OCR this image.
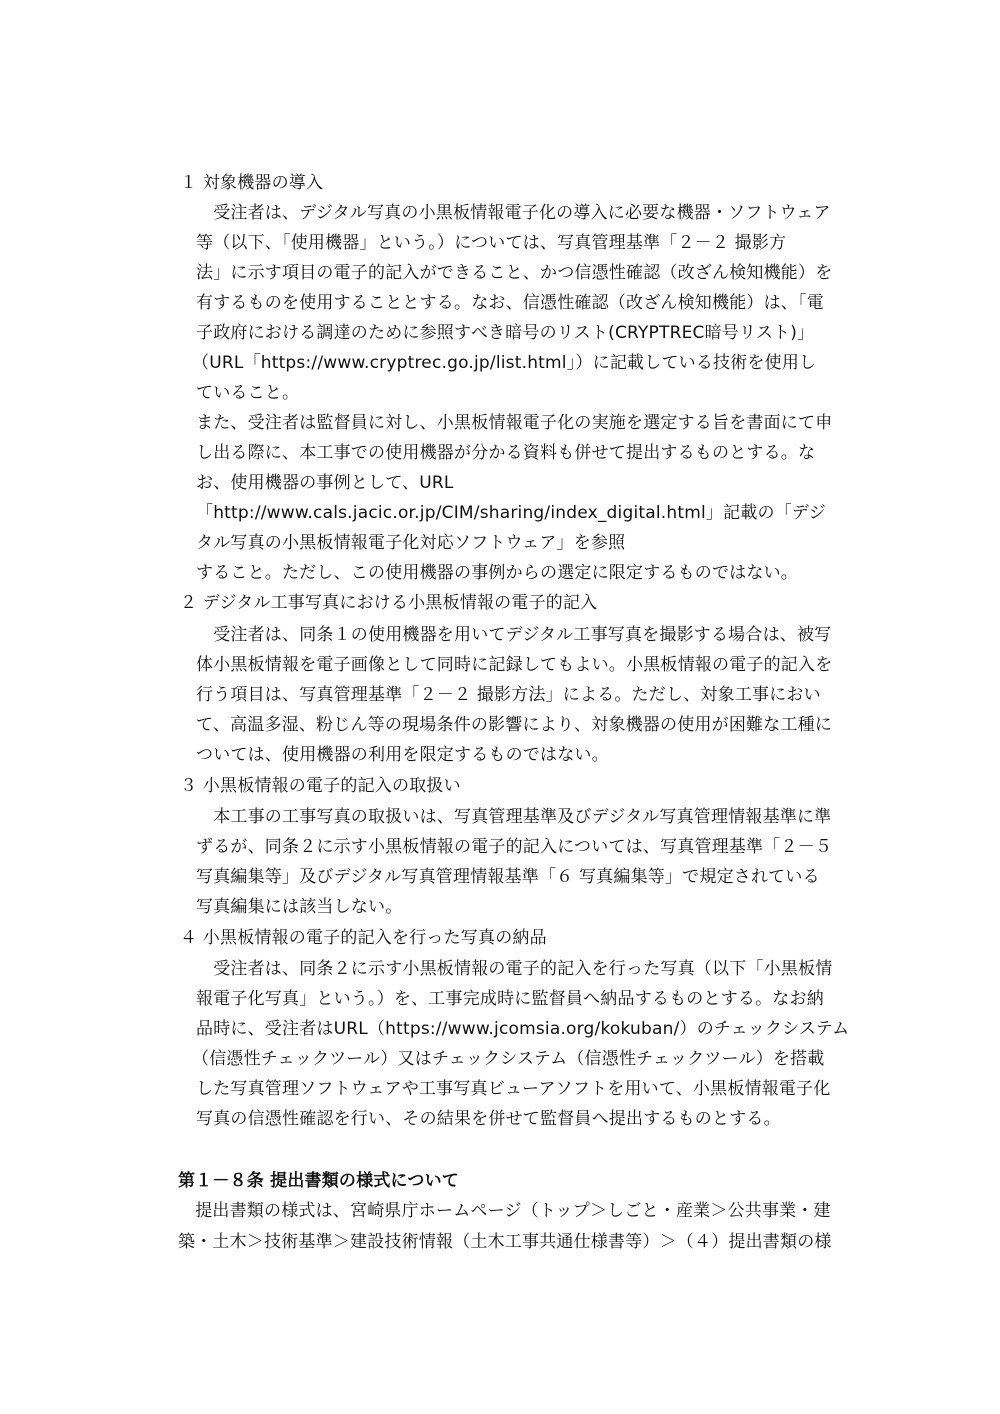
１ 対象機器の導入
　受注者は、デジタル写真の小黒板情報電子化の導入に必要な機器・ソフトウェア
等（以下、「使用機器」という。）については、写真管理基準「２－２ 撮影方
法」に示す項目の電子的記入ができること、かつ信憑性確認（改ざん検知機能）を
有するものを使用することとする。なお、信憑性確認（改ざん検知機能）は、「電
子政府における調達のために参照すべき暗号のリスト(CRYPTREC暗号リスト)」
（URL「https://www.cryptrec.go.jp/list.html」）に記載している技術を使用し
ていること。
また、受注者は監督員に対し、小黒板情報電子化の実施を選定する旨を書面にて申
し出る際に、本工事での使用機器が分かる資料も併せて提出するものとする。な
お、使用機器の事例として、URL
「http://www.cals.jacic.or.jp/CIM/sharing/index_digital.html」記載の「デジ
タル写真の小黒板情報電子化対応ソフトウェア」を参照
すること。ただし、この使用機器の事例からの選定に限定するものではない。
２ デジタル工事写真における小黒板情報の電子的記入
　受注者は、同条１の使用機器を用いてデジタル工事写真を撮影する場合は、被写
体小黒板情報を電子画像として同時に記録してもよい。小黒板情報の電子的記入を
行う項目は、写真管理基準「２－２ 撮影方法」による。ただし、対象工事におい
て、高温多湿、粉じん等の現場条件の影響により、対象機器の使用が困難な工種に
ついては、使用機器の利用を限定するものではない。
３ 小黒板情報の電子的記入の取扱い
　本工事の工事写真の取扱いは、写真管理基準及びデジタル写真管理情報基準に準
ずるが、同条２に示す小黒板情報の電子的記入については、写真管理基準「２－５
写真編集等」及びデジタル写真管理情報基準「６ 写真編集等」で規定されている
写真編集には該当しない。
４ 小黒板情報の電子的記入を行った写真の納品
　受注者は、同条２に示す小黒板情報の電子的記入を行った写真（以下「小黒板情
報電子化写真」という。）を、工事完成時に監督員へ納品するものとする。なお納
品時に、受注者はURL（https://www.jcomsia.org/kokuban/）のチェックシステム
（信憑性チェックツール）又はチェックシステム（信憑性チェックツール）を搭載
した写真管理ソフトウェアや工事写真ビューアソフトを用いて、小黒板情報電子化
写真の信憑性確認を行い、その結果を併せて監督員へ提出するものとする。
第１－８条 提出書類の様式について
　提出書類の様式は、宮崎県庁ホームページ（トップ＞しごと・産業＞公共事業・建
築・土木＞技術基準＞建設技術情報（土木工事共通仕様書等）＞（４）提出書類の様
